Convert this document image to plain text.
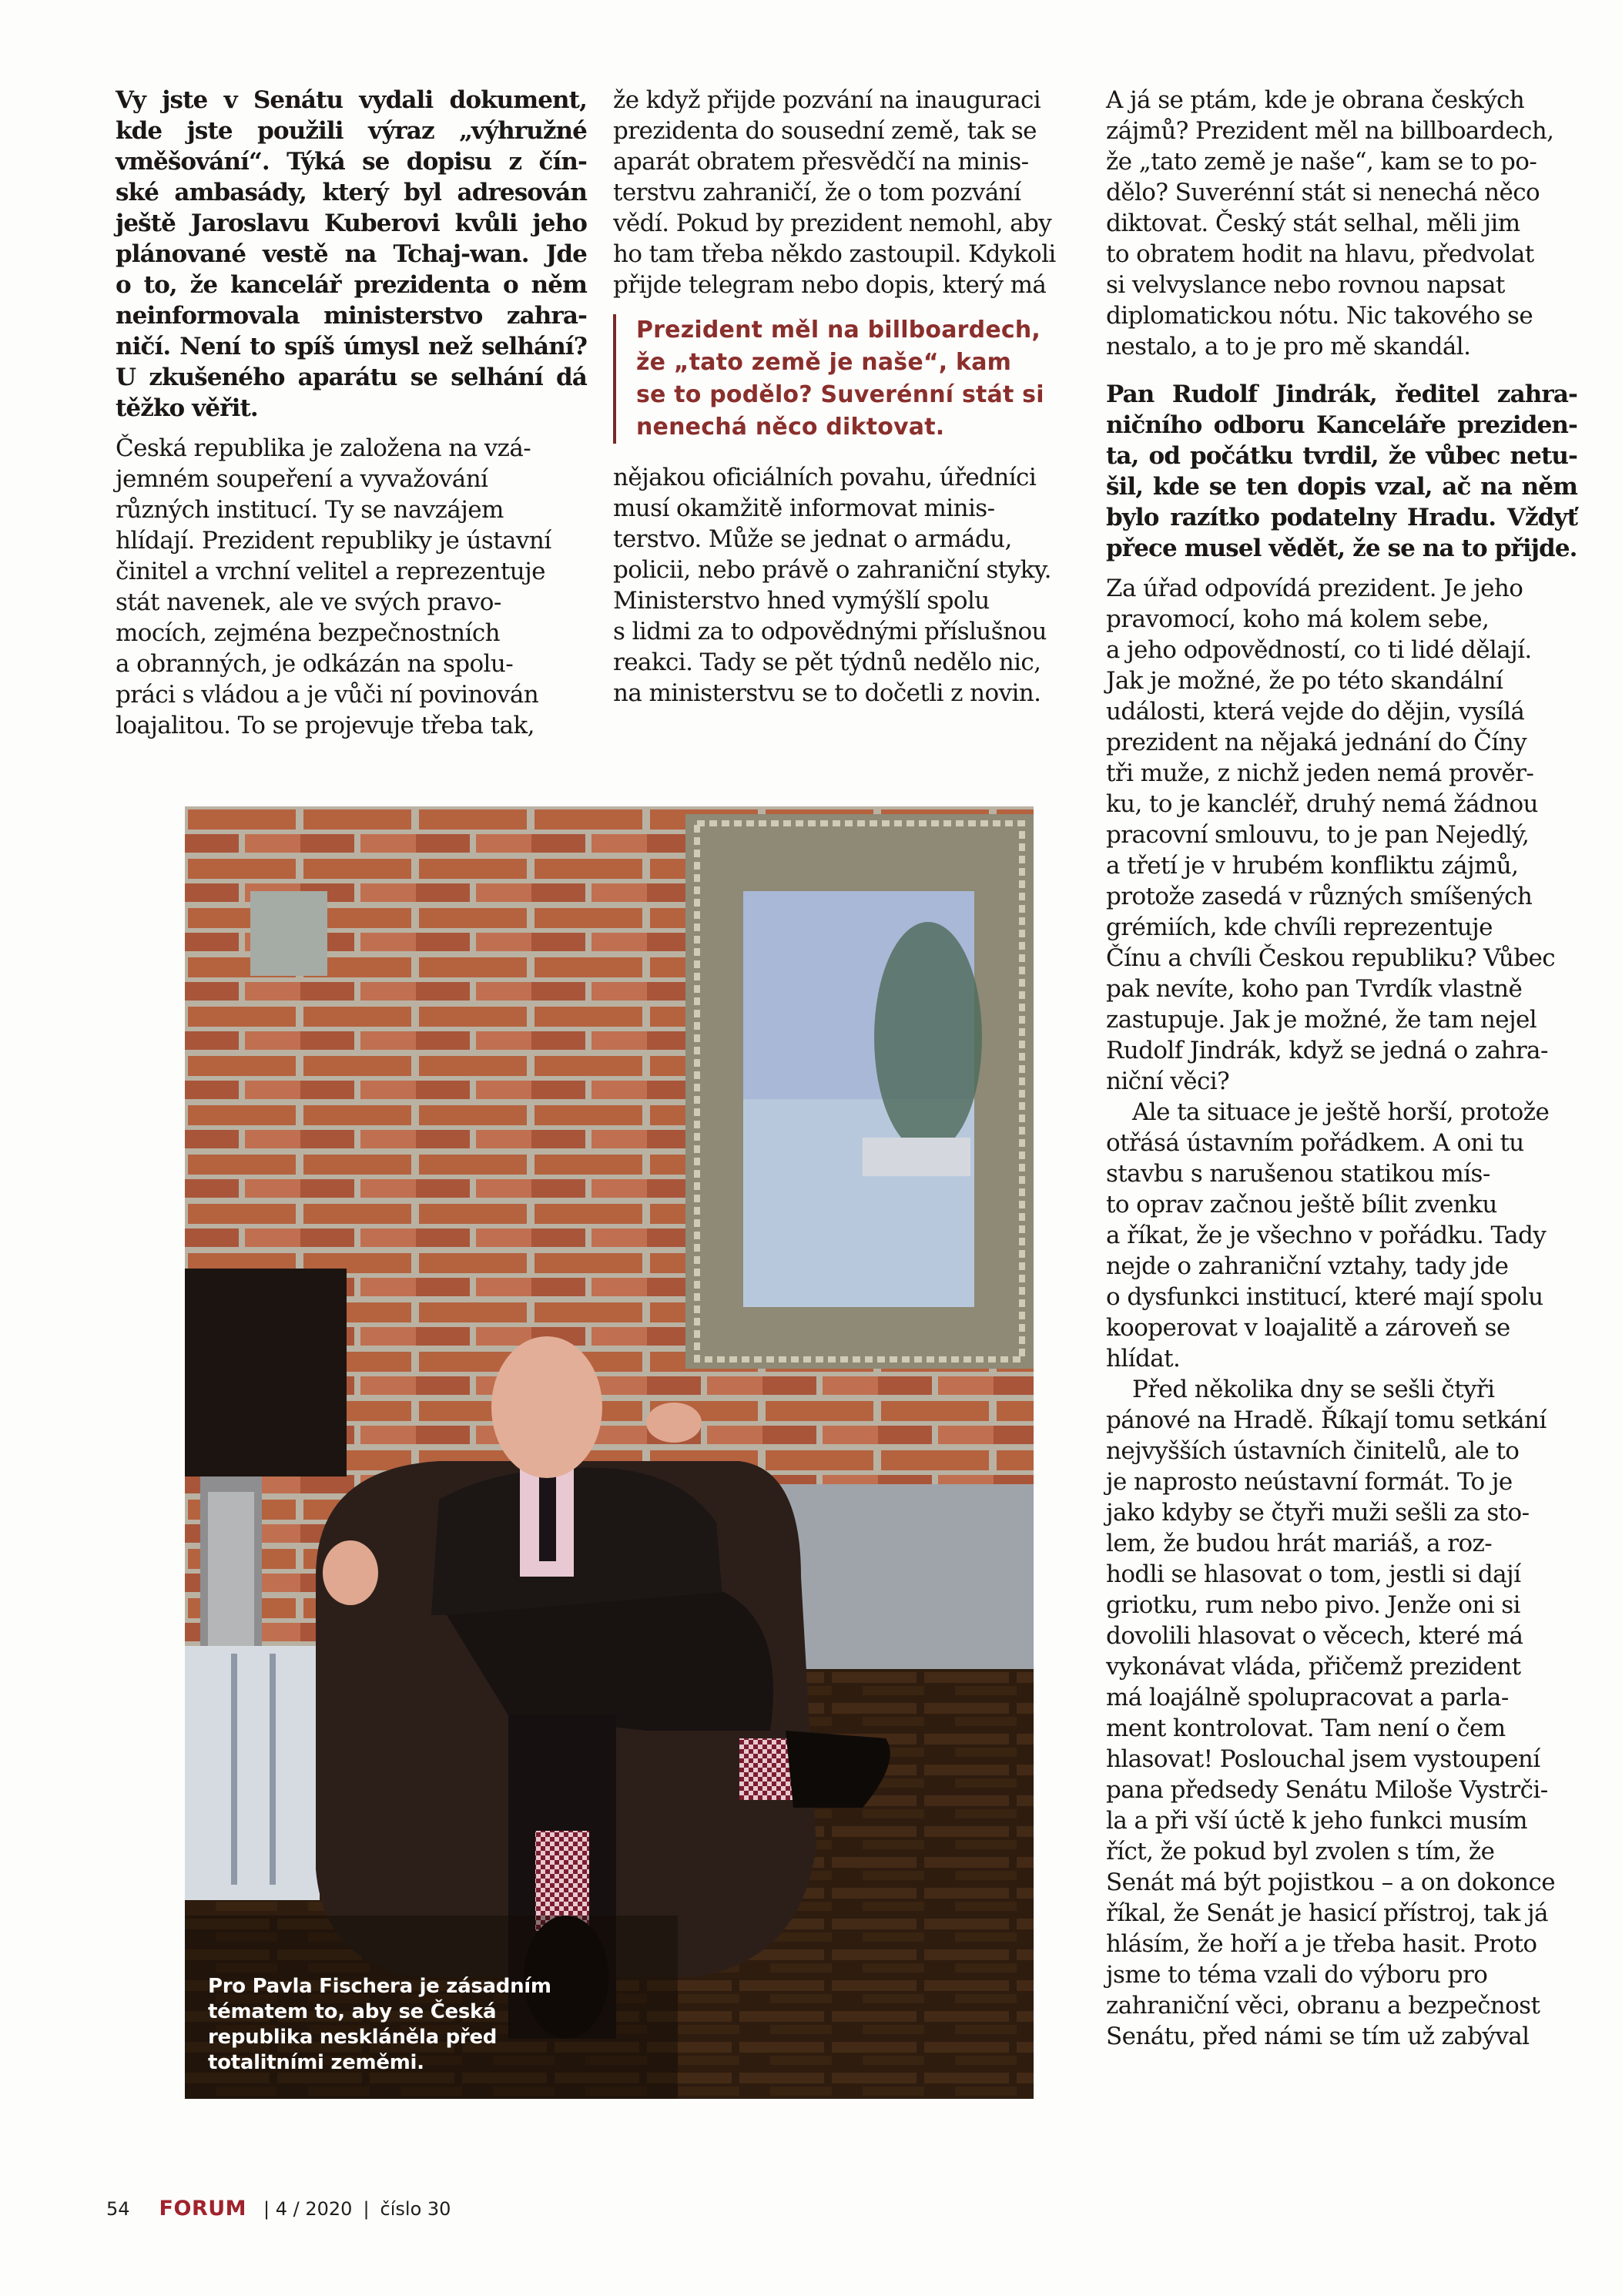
Vy jste v Senátu vydali dokument,
kde jste použili výraz „výhružné
vměšování“. Týká se dopisu z čín-
ské ambasády, který byl adresován
ještě Jaroslavu Kuberovi kvůli jeho
plánované vestě na Tchaj-wan. Jde
o to, že kancelář prezidenta o něm
neinformovala ministerstvo zahra-
ničí. Není to spíš úmysl než selhání?
U zkušeného aparátu se selhání dá
těžko věřit.
Česká republika je založena na vzá-
jemném soupeření a vyvažování
různých institucí. Ty se navzájem
hlídají. Prezident republiky je ústavní
činitel a vrchní velitel a reprezentuje
stát navenek, ale ve svých pravo-
mocích, zejména bezpečnostních
a obranných, je odkázán na spolu-
práci s vládou a je vůči ní povinován
loajalitou. To se projevuje třeba tak,
že když přijde pozvání na inauguraci
prezidenta do sousední země, tak se
aparát obratem přesvědčí na minis-
terstvu zahraničí, že o tom pozvání
vědí. Pokud by prezident nemohl, aby
ho tam třeba někdo zastoupil. Kdykoli
přijde telegram nebo dopis, který má
Prezident měl na billboardech,
že „tato země je naše“, kam
se to podělo? Suverénní stát si
nenechá něco diktovat.
nějakou oficiálních povahu, úředníci
musí okamžitě informovat minis-
terstvo. Může se jednat o armádu,
policii, nebo právě o zahraniční styky.
Ministerstvo hned vymýšlí spolu
s lidmi za to odpovědnými příslušnou
reakci. Tady se pět týdnů nedělo nic,
na ministerstvu se to dočetli z novin.
A já se ptám, kde je obrana českých
zájmů? Prezident měl na billboardech,
že „tato země je naše“, kam se to po-
dělo? Suverénní stát si nenechá něco
diktovat. Český stát selhal, měli jim
to obratem hodit na hlavu, předvolat
si velvyslance nebo rovnou napsat
diplomatickou nótu. Nic takového se
nestalo, a to je pro mě skandál.
Pan Rudolf Jindrák, ředitel zahra-
ničního odboru Kanceláře preziden-
ta, od počátku tvrdil, že vůbec netu-
šil, kde se ten dopis vzal, ač na něm
bylo razítko podatelny Hradu. Vždyť
přece musel vědět, že se na to přijde.
Za úřad odpovídá prezident. Je jeho
pravomocí, koho má kolem sebe,
a jeho odpovědností, co ti lidé dělají.
Jak je možné, že po této skandální
události, která vejde do dějin, vysílá
prezident na nějaká jednání do Číny
tři muže, z nichž jeden nemá prověr-
ku, to je kancléř, druhý nemá žádnou
pracovní smlouvu, to je pan Nejedlý,
a třetí je v hrubém konfliktu zájmů,
protože zasedá v různých smíšených
grémiích, kde chvíli reprezentuje
Čínu a chvíli Českou republiku? Vůbec
pak nevíte, koho pan Tvrdík vlastně
zastupuje. Jak je možné, že tam nejel
Rudolf Jindrák, když se jedná o zahra-
niční věci?
Ale ta situace je ještě horší, protože
otřásá ústavním pořádkem. A oni tu
stavbu s narušenou statikou mís-
to oprav začnou ještě bílit zvenku
a říkat, že je všechno v pořádku. Tady
nejde o zahraniční vztahy, tady jde
o dysfunkci institucí, které mají spolu
kooperovat v loajalitě a zároveň se
hlídat.
Před několika dny se sešli čtyři
pánové na Hradě. Říkají tomu setkání
nejvyšších ústavních činitelů, ale to
je naprosto neústavní formát. To je
jako kdyby se čtyři muži sešli za sto-
lem, že budou hrát mariáš, a roz-
hodli se hlasovat o tom, jestli si dají
griotku, rum nebo pivo. Jenže oni si
dovolili hlasovat o věcech, které má
vykonávat vláda, přičemž prezident
má loajálně spolupracovat a parla-
ment kontrolovat. Tam není o čem
hlasovat! Poslouchal jsem vystoupení
pana předsedy Senátu Miloše Vystrči-
la a při vší úctě k jeho funkci musím
říct, že pokud byl zvolen s tím, že
Senát má být pojistkou – a on dokonce
říkal, že Senát je hasicí přístroj, tak já
hlásím, že hoří a je třeba hasit. Proto
jsme to téma vzali do výboru pro
zahraniční věci, obranu a bezpečnost
Senátu, před námi se tím už zabýval
Pro Pavla Fischera je zásadním
tématem to, aby se Česká
republika neskláněla před
totalitními zeměmi.
54 FORUM | 4 / 2020 | číslo 30
